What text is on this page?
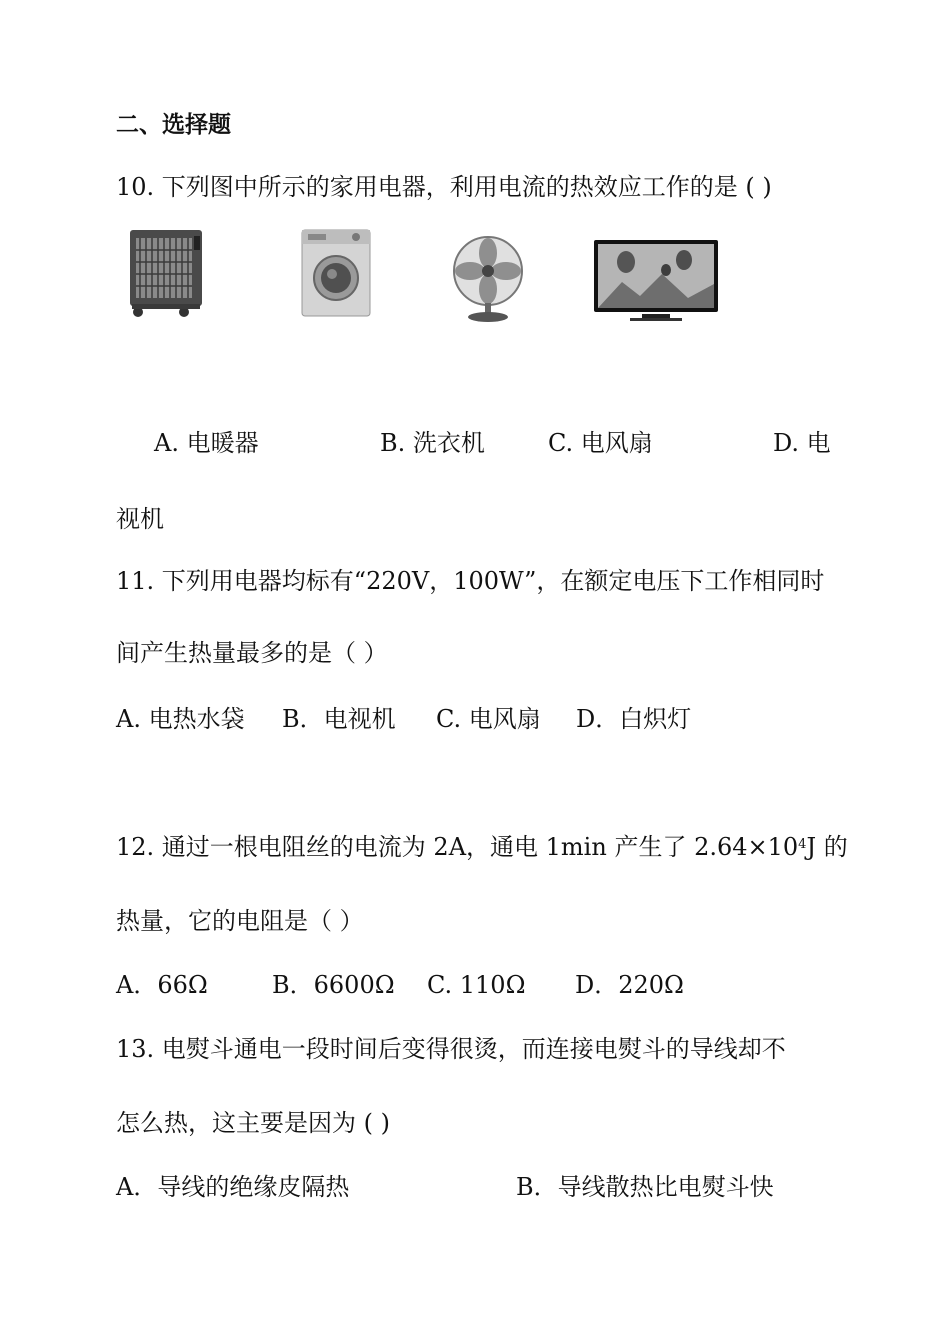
二、选择题
10. 下列图中所示的家用电器，利用电流的热效应工作的是 ( )
A. 电暖器	B. 洗衣机	C. 电风扇	D. 电
视机
11. 下列用电器均标有“220V，100W”，在额定电压下工作相同时
间产生热量最多的是（ ）
A. 电热水袋 B．电视机 C. 电风扇 D．白炽灯
12. 通过一根电阻丝的电流为 2A，通电 1min 产生了 $2.64\times 10^4J$ 的
热量，它的电阻是（ ）
A．66Ω	B．6600Ω C. 110Ω D．220Ω
13. 电熨斗通电一段时间后变得很烫，而连接电熨斗的导线却不
怎么热，这主要是因为 ( )
A．导线的绝缘皮隔热	B．导线散热比电熨斗快
